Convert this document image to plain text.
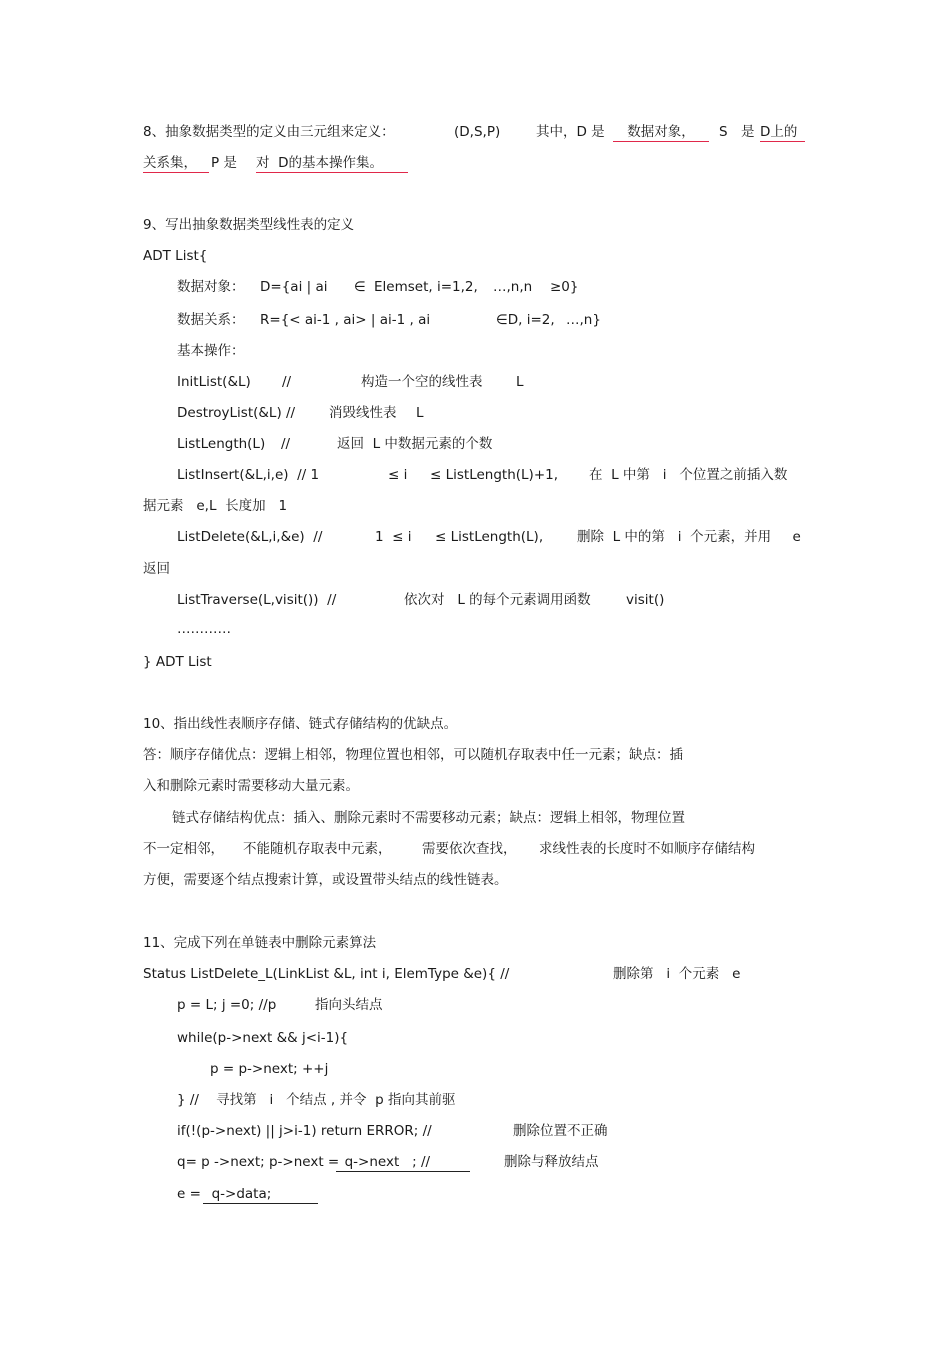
8、抽象数据类型的定义由三元组来定义：	(D,S,P)	其中，D 是	数据对象，	S 是 D上的
关系集，	P 是 对  D的基本操作集。
9、写出抽象数据类型线性表的定义
ADT List{
数据对象： D={ai | ai ∈ Elemset, i=1,2, …,n,n ≥0}
数据关系： R={< ai-1 , ai> | ai-1 , ai	∈D, i=2, …,n}
基本操作：
InitList(&L) //	构造一个空的线性表 L
DestroyList(&L) //	消毁线性表 L
ListLength(L) //	返回  L 中数据元素的个数
ListInsert(&L,i,e)  // 1	≤ i ≤ ListLength(L)+1, 在  L 中第   i   个位置之前插入数
据元素   e,L  长度加   1
ListDelete(&L,i,&e)  //	1  ≤ i ≤ ListLength(L),	删除  L 中的第   i  个元素，并用     e
返回
ListTraverse(L,visit())  //	依次对   L 的每个元素调用函数	visit()
…………
} ADT List
10、指出线性表顺序存储、链式存储结构的优缺点。
答：顺序存储优点：逻辑上相邻，物理位置也相邻，可以随机存取表中任一元素；缺点：插
入和删除元素时需要移动大量元素。
链式存储结构优点：插入、删除元素时不需要移动元素；缺点：逻辑上相邻，物理位置
不一定相邻， 不能随机存取表中元素， 需要依次查找， 求线性表的长度时不如顺序存储结构
方便，需要逐个结点搜索计算，或设置带头结点的线性链表。
11、完成下列在单链表中删除元素算法
Status ListDelete_L(LinkList &L, int i, ElemType &e){ //	删除第   i  个元素   e
p = L; j =0; //p	指向头结点
while(p->next && j<i-1){
p = p->next; ++j
} //    寻找第   i   个结点 , 并令  p 指向其前驱
if(!(p->next) || j>i-1) return ERROR; //	删除位置不正确
q= p ->next; p->next =
q->next   ; // 删除与释放结点
e = q->data;
